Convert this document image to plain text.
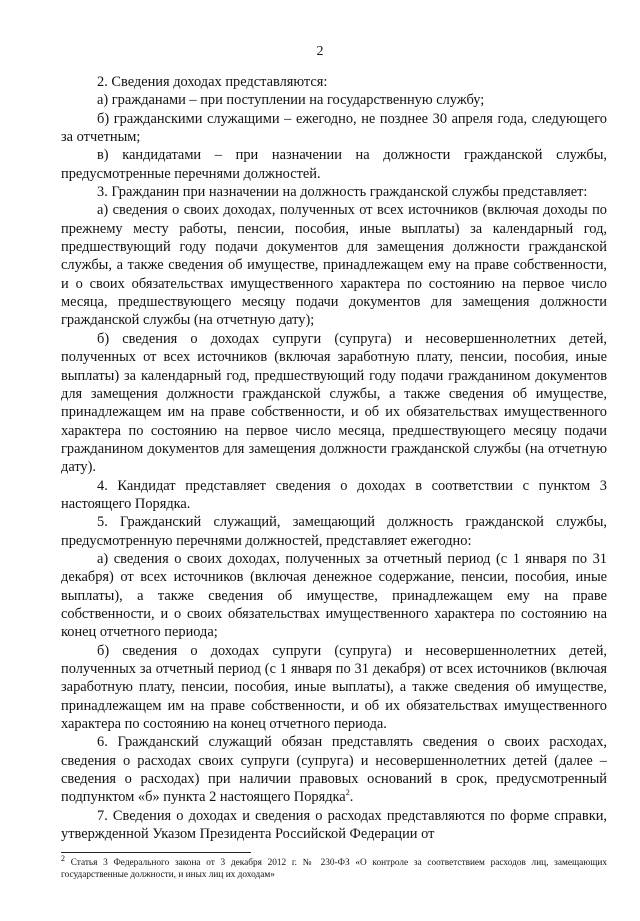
2

2. Сведения доходах представляются:

а) гражданами – при поступлении на государственную службу;

б) гражданскими служащими – ежегодно, не позднее 30 апреля года, следующего за отчетным;

в) кандидатами – при назначении на должности гражданской службы, предусмотренные перечнями должностей.

3. Гражданин при назначении на должность гражданской службы представляет:

а) сведения о своих доходах, полученных от всех источников (включая доходы по прежнему месту работы, пенсии, пособия, иные выплаты) за календарный год, предшествующий году подачи документов для замещения должности гражданской службы, а также сведения об имуществе, принадлежащем ему на праве собственности, и о своих обязательствах имущественного характера по состоянию на первое число месяца, предшествующего месяцу подачи документов для замещения должности гражданской службы (на отчетную дату);

б) сведения о доходах супруги (супруга) и несовершеннолетних детей, полученных от всех источников (включая заработную плату, пенсии, пособия, иные выплаты) за календарный год, предшествующий году подачи гражданином документов для замещения должности гражданской службы, а также сведения об имуществе, принадлежащем им на праве собственности, и об их обязательствах имущественного характера по состоянию на первое число месяца, предшествующего месяцу подачи гражданином документов для замещения должности гражданской службы (на отчетную дату).

4. Кандидат представляет сведения о доходах в соответствии с пунктом 3 настоящего Порядка.

5. Гражданский служащий, замещающий должность гражданской службы, предусмотренную перечнями должностей, представляет ежегодно:

а) сведения о своих доходах, полученных за отчетный период (с 1 января по 31 декабря) от всех источников (включая денежное содержание, пенсии, пособия, иные выплаты), а также сведения об имуществе, принадлежащем ему на праве собственности, и о своих обязательствах имущественного характера по состоянию на конец отчетного периода;

б) сведения о доходах супруги (супруга) и несовершеннолетних детей, полученных за отчетный период (с 1 января по 31 декабря) от всех источников (включая заработную плату, пенсии, пособия, иные выплаты), а также сведения об имуществе, принадлежащем им на праве собственности, и об их обязательствах имущественного характера по состоянию на конец отчетного периода.

6. Гражданский служащий обязан представлять сведения о своих расходах, сведения о расходах своих супруги (супруга) и несовершеннолетних детей (далее – сведения о расходах) при наличии правовых оснований в срок, предусмотренный подпунктом «б» пункта 2 настоящего Порядка$^2$.

7. Сведения о доходах и сведения о расходах представляются по форме справки, утвержденной Указом Президента Российской Федерации от

2 Статья 3 Федерального закона от 3 декабря 2012 г. № 230-ФЗ «О контроле за соответствием расходов лиц, замещающих государственные должности, и иных лиц их доходам»
